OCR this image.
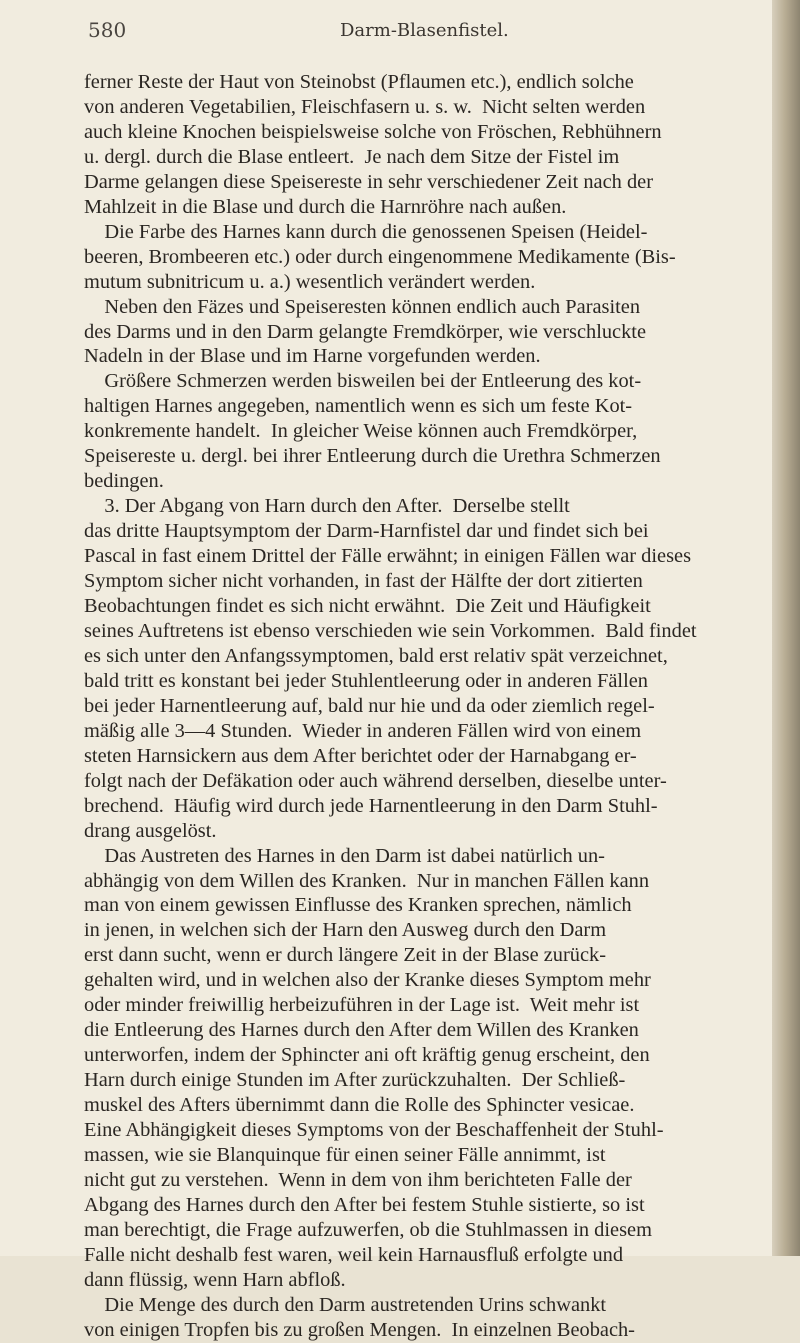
580	Darm-Blasenfistel.
ferner Reste der Haut von Steinobst (Pflaumen etc.), endlich solche
von anderen Vegetabilien, Fleischfasern u. s. w.  Nicht selten werden
auch kleine Knochen beispielsweise solche von Fröschen, Rebhühnern
u. dergl. durch die Blase entleert.  Je nach dem Sitze der Fistel im
Darme gelangen diese Speisereste in sehr verschiedener Zeit nach der
Mahlzeit in die Blase und durch die Harnröhre nach außen.
Die Farbe des Harnes kann durch die genossenen Speisen (Heidel-
beeren, Brombeeren etc.) oder durch eingenommene Medikamente (Bis-
mutum subnitricum u. a.) wesentlich verändert werden.
Neben den Fäzes und Speiseresten können endlich auch Parasiten
des Darms und in den Darm gelangte Fremdkörper, wie verschluckte
Nadeln in der Blase und im Harne vorgefunden werden.
Größere Schmerzen werden bisweilen bei der Entleerung des kot-
haltigen Harnes angegeben, namentlich wenn es sich um feste Kot-
konkremente handelt.  In gleicher Weise können auch Fremdkörper,
Speisereste u. dergl. bei ihrer Entleerung durch die Urethra Schmerzen
bedingen.
3. Der Abgang von Harn durch den After.  Derselbe stellt
das dritte Hauptsymptom der Darm-Harnfistel dar und findet sich bei
Pascal in fast einem Drittel der Fälle erwähnt; in einigen Fällen war dieses
Symptom sicher nicht vorhanden, in fast der Hälfte der dort zitierten
Beobachtungen findet es sich nicht erwähnt.  Die Zeit und Häufigkeit
seines Auftretens ist ebenso verschieden wie sein Vorkommen.  Bald findet
es sich unter den Anfangssymptomen, bald erst relativ spät verzeichnet,
bald tritt es konstant bei jeder Stuhlentleerung oder in anderen Fällen
bei jeder Harnentleerung auf, bald nur hie und da oder ziemlich regel-
mäßig alle 3—4 Stunden.  Wieder in anderen Fällen wird von einem
steten Harnsickern aus dem After berichtet oder der Harnabgang er-
folgt nach der Defäkation oder auch während derselben, dieselbe unter-
brechend.  Häufig wird durch jede Harnentleerung in den Darm Stuhl-
drang ausgelöst.
Das Austreten des Harnes in den Darm ist dabei natürlich un-
abhängig von dem Willen des Kranken.  Nur in manchen Fällen kann
man von einem gewissen Einflusse des Kranken sprechen, nämlich
in jenen, in welchen sich der Harn den Ausweg durch den Darm
erst dann sucht, wenn er durch längere Zeit in der Blase zurück-
gehalten wird, und in welchen also der Kranke dieses Symptom mehr
oder minder freiwillig herbeizuführen in der Lage ist.  Weit mehr ist
die Entleerung des Harnes durch den After dem Willen des Kranken
unterworfen, indem der Sphincter ani oft kräftig genug erscheint, den
Harn durch einige Stunden im After zurückzuhalten.  Der Schließ-
muskel des Afters übernimmt dann die Rolle des Sphincter vesicae.
Eine Abhängigkeit dieses Symptoms von der Beschaffenheit der Stuhl-
massen, wie sie Blanquinque für einen seiner Fälle annimmt, ist
nicht gut zu verstehen.  Wenn in dem von ihm berichteten Falle der
Abgang des Harnes durch den After bei festem Stuhle sistierte, so ist
man berechtigt, die Frage aufzuwerfen, ob die Stuhlmassen in diesem
Falle nicht deshalb fest waren, weil kein Harnausfluß erfolgte und
dann flüssig, wenn Harn abfloß.
Die Menge des durch den Darm austretenden Urins schwankt
von einigen Tropfen bis zu großen Mengen.  In einzelnen Beobach-
